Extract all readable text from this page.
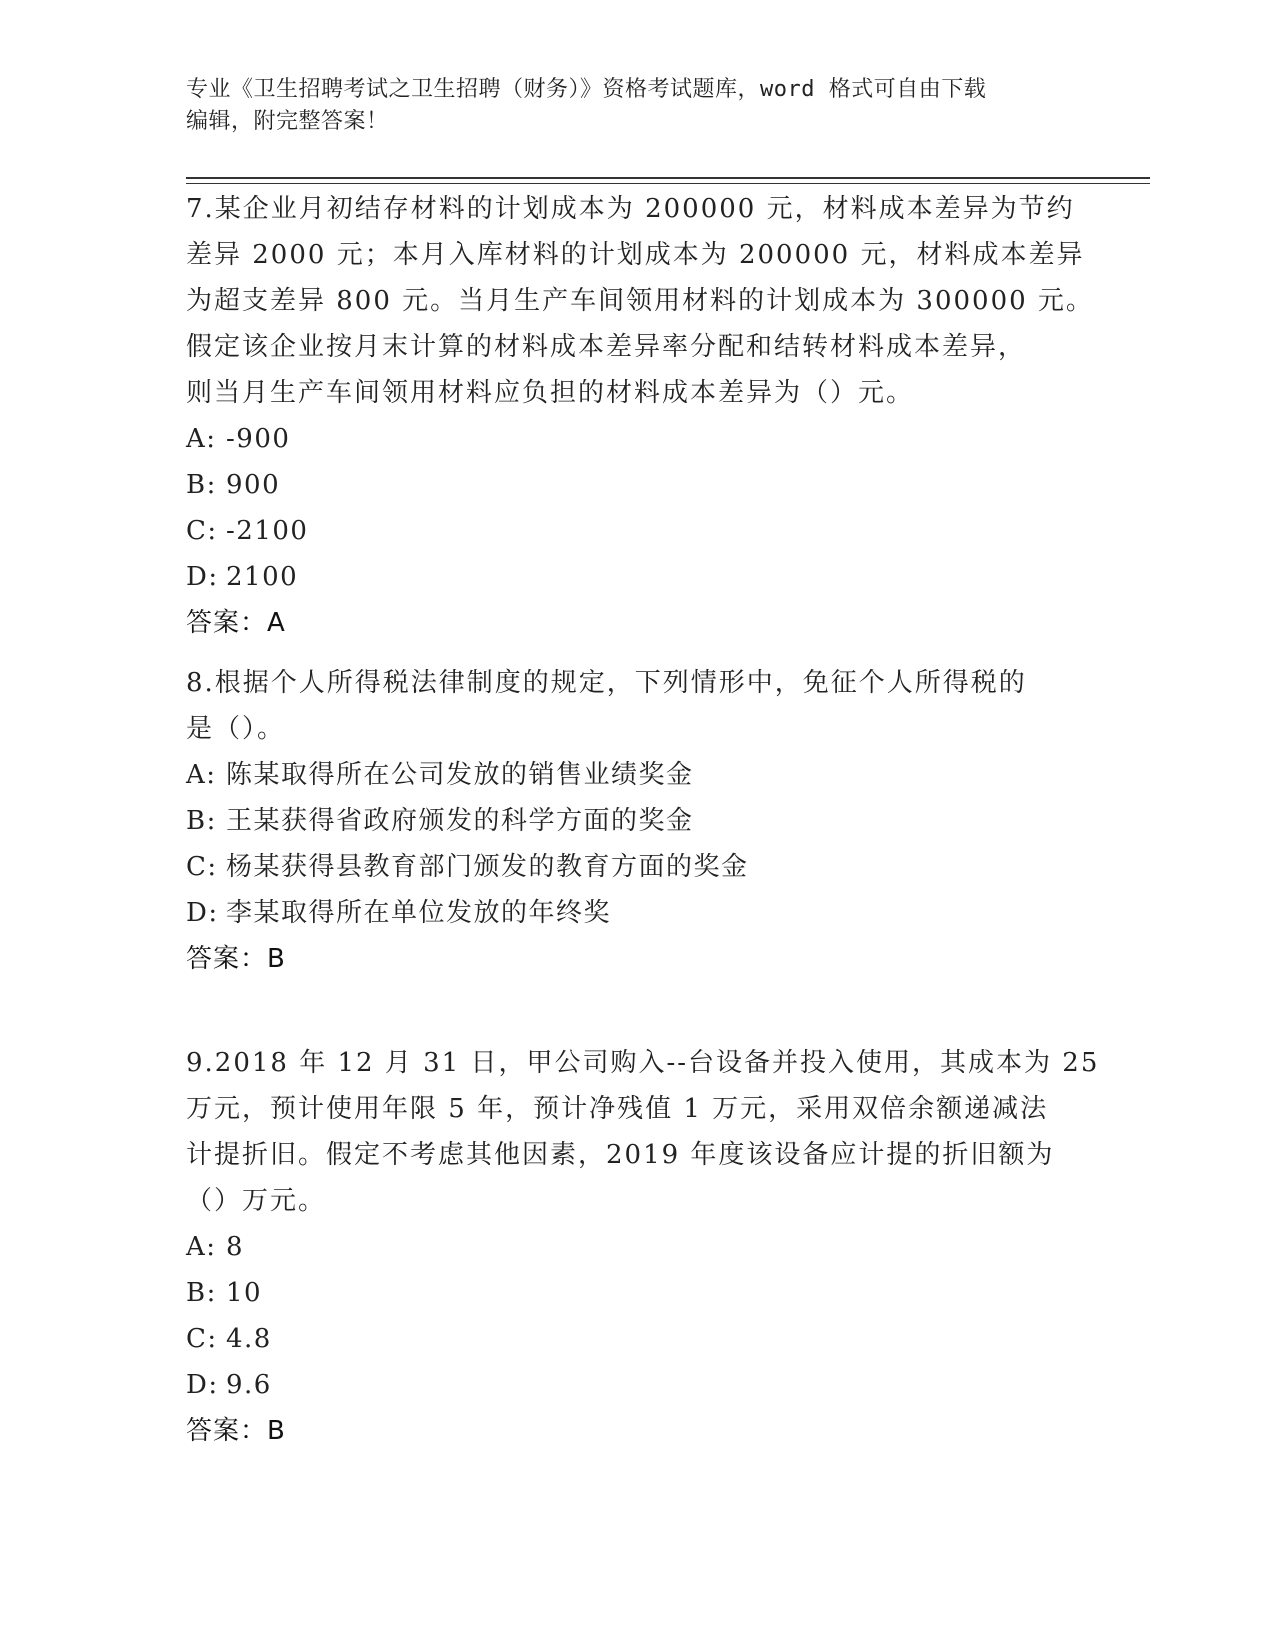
专业《卫生招聘考试之卫生招聘（财务）》资格考试题库，word 格式可自由下载
编辑，附完整答案！
7.某企业月初结存材料的计划成本为 200000 元，材料成本差异为节约
差异 2000 元；本月入库材料的计划成本为 200000 元，材料成本差异
为超支差异 800 元。当月生产车间领用材料的计划成本为 300000 元。
假定该企业按月末计算的材料成本差异率分配和结转材料成本差异，
则当月生产车间领用材料应负担的材料成本差异为（）元。
A: -900
B: 900
C: -2100
D: 2100
答案：A
8.根据个人所得税法律制度的规定，下列情形中，免征个人所得税的
是（）。
A: 陈某取得所在公司发放的销售业绩奖金
B: 王某获得省政府颁发的科学方面的奖金
C: 杨某获得县教育部门颁发的教育方面的奖金
D: 李某取得所在单位发放的年终奖
答案：B
9.2018 年 12 月 31 日，甲公司购入--台设备并投入使用，其成本为 25
万元，预计使用年限 5 年，预计净残值 1 万元，采用双倍余额递减法
计提折旧。假定不考虑其他因素，2019 年度该设备应计提的折旧额为
（）万元。
A: 8
B: 10
C: 4.8
D: 9.6
答案：B
